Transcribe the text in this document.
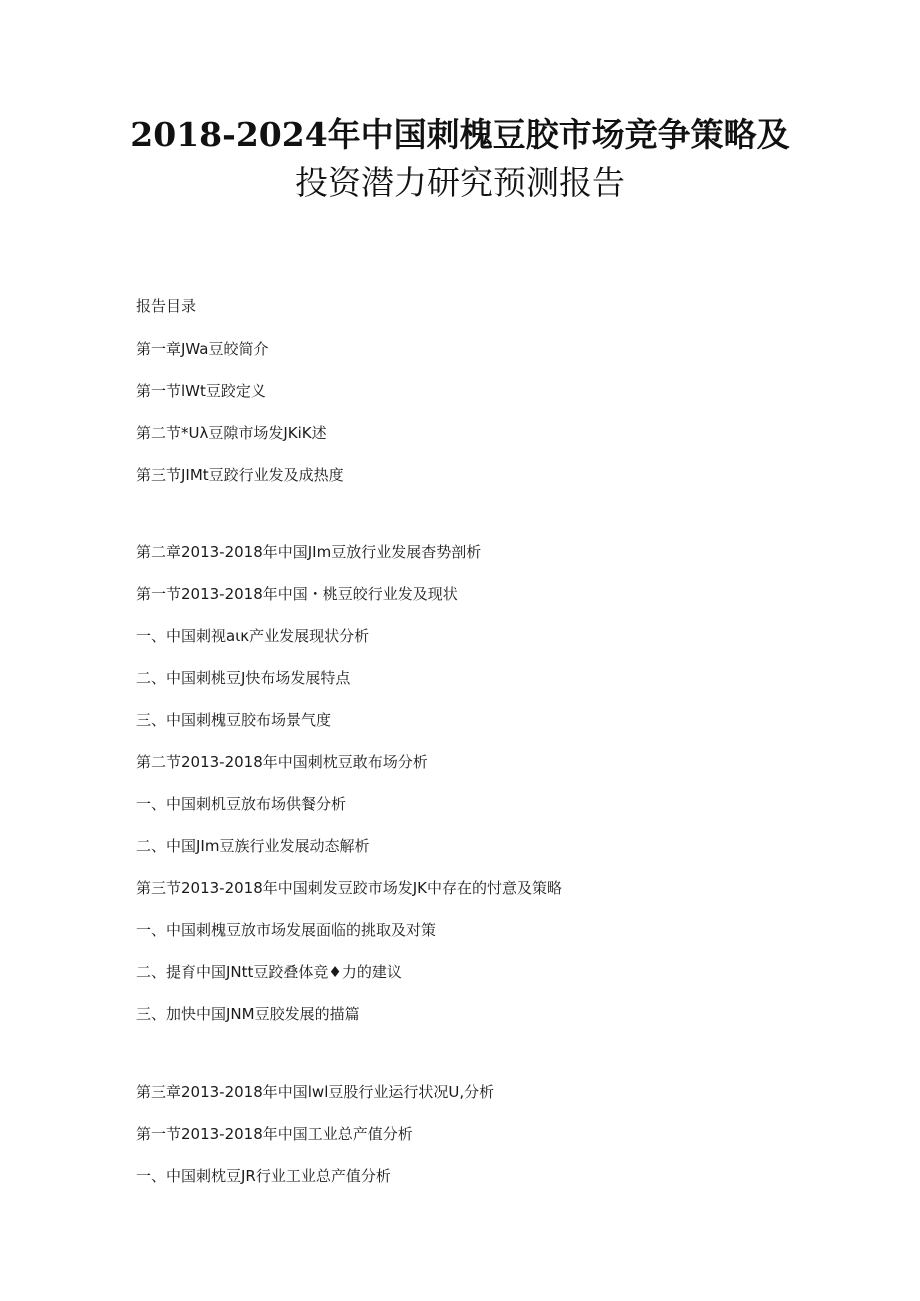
2018-2024年中国刺槐豆胶市场竞争策略及
投资潜力研究预测报告
报告目录
第一章JWa豆皎简介
第一节lWt豆跤定义
第二节*Uλ豆隙市场发JKiK述
第三节JIMt豆跤行业发及成热度
第二章2013-2018年中国JIm豆放行业发展杳势剖析
第一节2013-2018年中国・桃豆皎行业发及现状
一、中国刺视aικ产业发展现状分析
二、中国刺桃豆J快布场发展特点
三、中国刺槐豆胶布场景气度
第二节2013-2018年中国刺枕豆敢布场分析
一、中国刺机豆放布场供餐分析
二、中国JIm豆族行业发展动态解析
第三节2013-2018年中国刺发豆跤市场发JK中存在的忖意及策略
一、中国刺槐豆放市场发展面临的挑取及对策
二、提育中国JNtt豆跤叠体竞♦力的建议
三、加快中国JNM豆胶发展的描篇
第三章2013-2018年中国lwl豆股行业运行状况U,分析
第一节2013-2018年中国工业总产值分析
一、中国刺枕豆JR行业工业总产值分析
